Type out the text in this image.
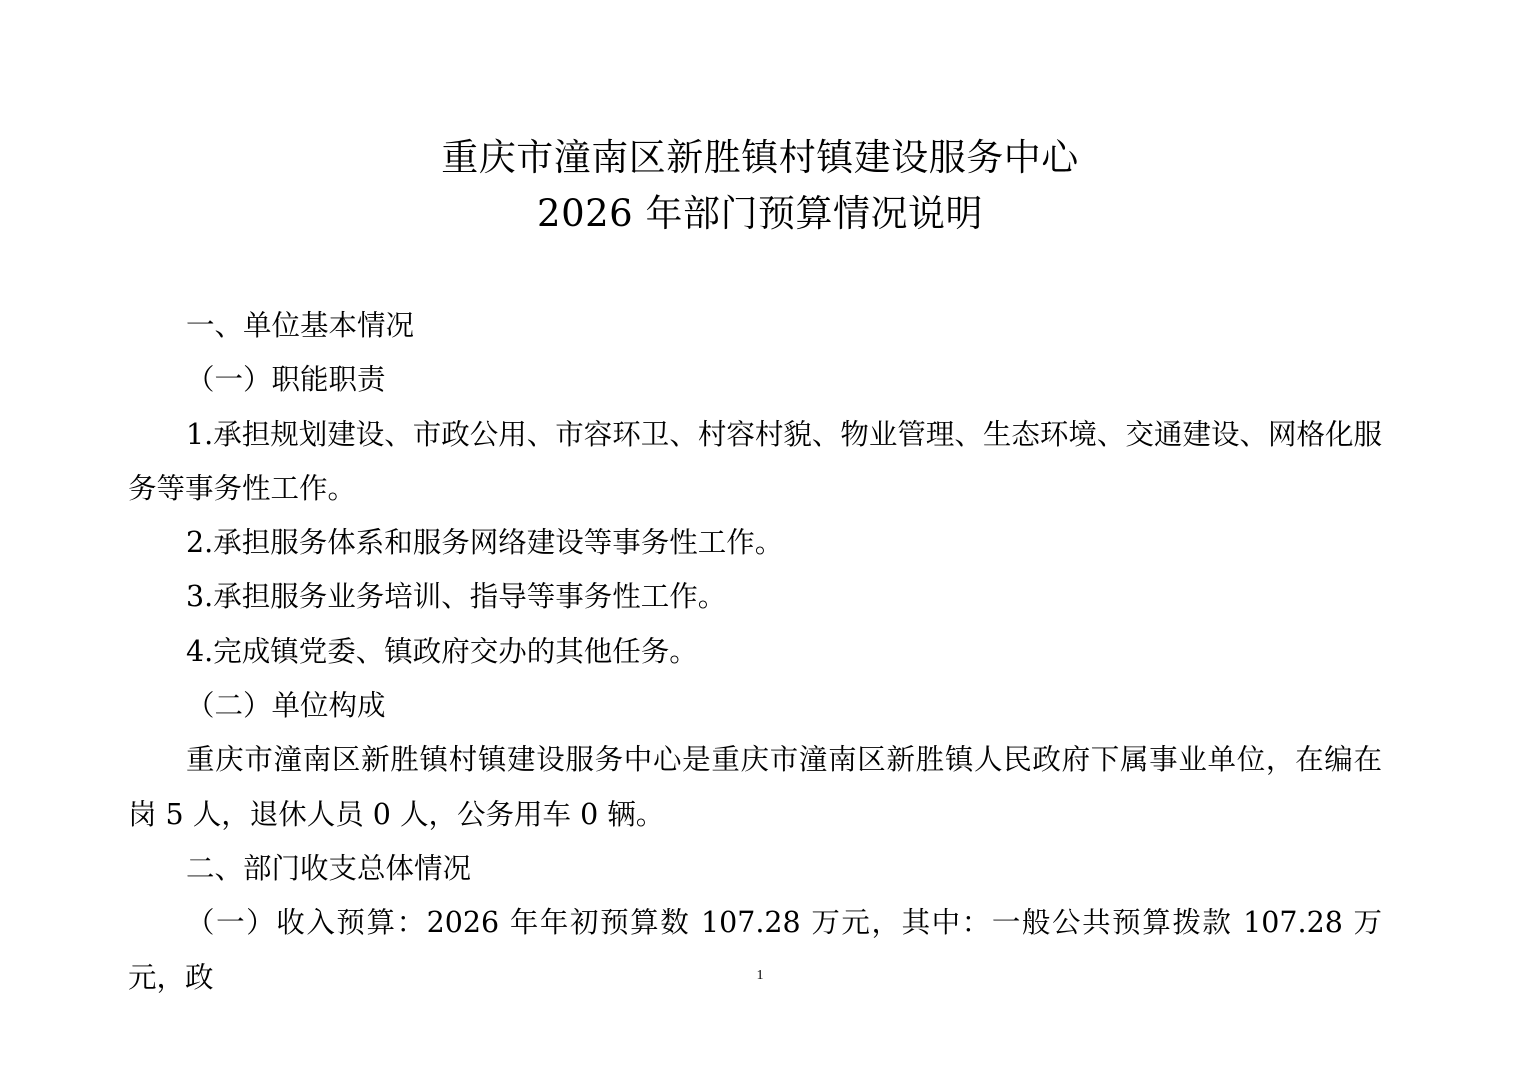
重庆市潼南区新胜镇村镇建设服务中心
2026 年部门预算情况说明

一、单位基本情况

（一）职能职责

1.承担规划建设、市政公用、市容环卫、村容村貌、物业管理、生态环境、交通建设、网格化服务等事务性工作。

2.承担服务体系和服务网络建设等事务性工作。

3.承担服务业务培训、指导等事务性工作。

4.完成镇党委、镇政府交办的其他任务。

（二）单位构成

重庆市潼南区新胜镇村镇建设服务中心是重庆市潼南区新胜镇人民政府下属事业单位，在编在岗 5 人，退休人员 0 人，公务用车 0 辆。

二、部门收支总体情况

（一）收入预算：2026 年年初预算数 107.28 万元，其中：一般公共预算拨款 107.28 万元，政	1
